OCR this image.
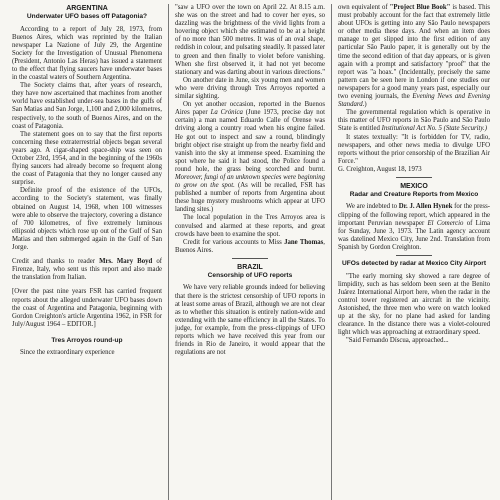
ARGENTINA
Underwater UFO bases off Patagonia?

According to a report of July 28, 1973, from Buenos Aires, which was reprinted by the Italian newspaper La Nazione of July 29, the Argentine Society for the Investigation of Unusual Phenomena (President, Antonio Las Heras) has issued a statement to the effect that flying saucers have underwater bases in the coastal waters of Southern Argentina.

The Society claims that, after years of research, they have now ascertained that machines from another world have established under-sea bases in the gulfs of San Matias and San Jorge, 1,100 and 2,000 kilometres, respectively, to the south of Buenos Aires, and on the coast of Patagonia.

The statement goes on to say that the first reports concerning these extraterrestrial objects began several years ago. A cigar-shaped space-ship was seen on October 23rd, 1954, and in the beginning of the 1960s flying saucers had already become so frequent along the coast of Patagonia that they no longer caused any surprise.

Definite proof of the existence of the UFOs, according to the Society's statement, was finally obtained on August 14, 1968, when 100 witnesses were able to observe the trajectory, covering a distance of 700 kilometres, of five extremely luminous ellipsoid objects which rose up out of the Gulf of San Matias and then submerged again in the Gulf of San Jorge.

Credit and thanks to reader Mrs. Mary Boyd of Firenze, Italy, who sent us this report and also made the translation from Italian.

[Over the past nine years FSR has carried frequent reports about the alleged underwater UFO bases down the coast of Argentina and Patagonia, beginning with Gordon Creighton's article Argentina 1962, in FSR for July/August 1964 – EDITOR.]

Tres Arroyos round-up

Since the extraordinary experience

"saw a UFO over the town on April 22. At 8.15 a.m. she was on the street and had to cover her eyes, so dazzling was the brightness of the vivid lights from a hovering object which she estimated to be at a height of no more than 500 metres. It was of an oval shape, reddish in colour, and pulsating steadily. It passed later to green and then finally to violet before vanishing. When she first observed it, it had not yet become stationary and was darting about in various directions."

On another date in June, six young men and women who were driving through Tres Arroyos reported a similar sighting.

On yet another occasion, reported in the Buenos Aires paper La Crónica (June 1973, precise day not certain) a man named Eduardo Calle of Orense was driving along a country road when his engine failed. He got out to inspect and saw a round, blindingly bright object rise straight up from the nearby field and vanish into the sky at immense speed. Examining the spot where he said it had stood, the Police found a round hole, the grass being scorched and burnt. Moreover, fungi of an unknown species were beginning to grow on the spot. (As will be recalled, FSR has published a number of reports from Argentina about these huge mystery mushrooms which appear at UFO landing sites.)

The local population in the Tres Arroyos area is convulsed and alarmed at these reports, and great crowds have been to examine the spot.

Credit for various accounts to Miss Jane Thomas, Buenos Aires.

BRAZIL
Censorship of UFO reports

We have very reliable grounds indeed for believing that there is the strictest censorship of UFO reports in at least some areas of Brazil, although we are not clear as to whether this situation is entirely nation-wide and extending with the same efficiency in all the States. To judge, for example, from the press-clippings of UFO reports which we have received this year from our friends in Rio de Janeiro, it would appear that the regulations are not

own equivalent of "Project Blue Book" is based. This must probably account for the fact that extremely little about UFOs is getting into any São Paulo newspapers or other media these days. And when an item does manage to get slipped into the first edition of any particular São Paulo paper, it is generally out by the time the second edition of that day appears, or is given again with a prompt and satisfactory "proof" that the report was "a hoax." (Incidentally, precisely the same pattern can be seen here in London if one studies our newspapers for a good many years past, especially our two evening journals, the Evening News and Evening Standard.)

The governmental regulation which is operative in this matter of UFO reports in São Paulo and São Paulo State is entitled Institutional Act No. 5 (State Security.)

It states textually: "It is forbidden for TV, radio, newspapers, and other news media to divulge UFO reports without the prior censorship of the Brazilian Air Force."

G. Creighton, August 18, 1973
MEXICO
Radar and Creature Reports from Mexico

We are indebted to Dr. J. Allen Hynek for the press-clipping of the following report, which appeared in the important Peruvian newspaper El Comercio of Lima for Sunday, June 3, 1973. The Latin agency account was datelined Mexico City, June 2nd. Translation from Spanish by Gordon Creighton.

UFOs detected by radar at Mexico City Airport

"The early morning sky showed a rare degree of limpidity, such as has seldom been seen at the Benito Juárez International Airport here, when the radar in the control tower registered an aircraft in the vicinity. Astonished, the three men who were on watch looked up at the sky, for no plane had asked for landing clearance. In the distance there was a violet-coloured light which was approaching at extraordinary speed.

"Said Fernando Díscua, approached...
